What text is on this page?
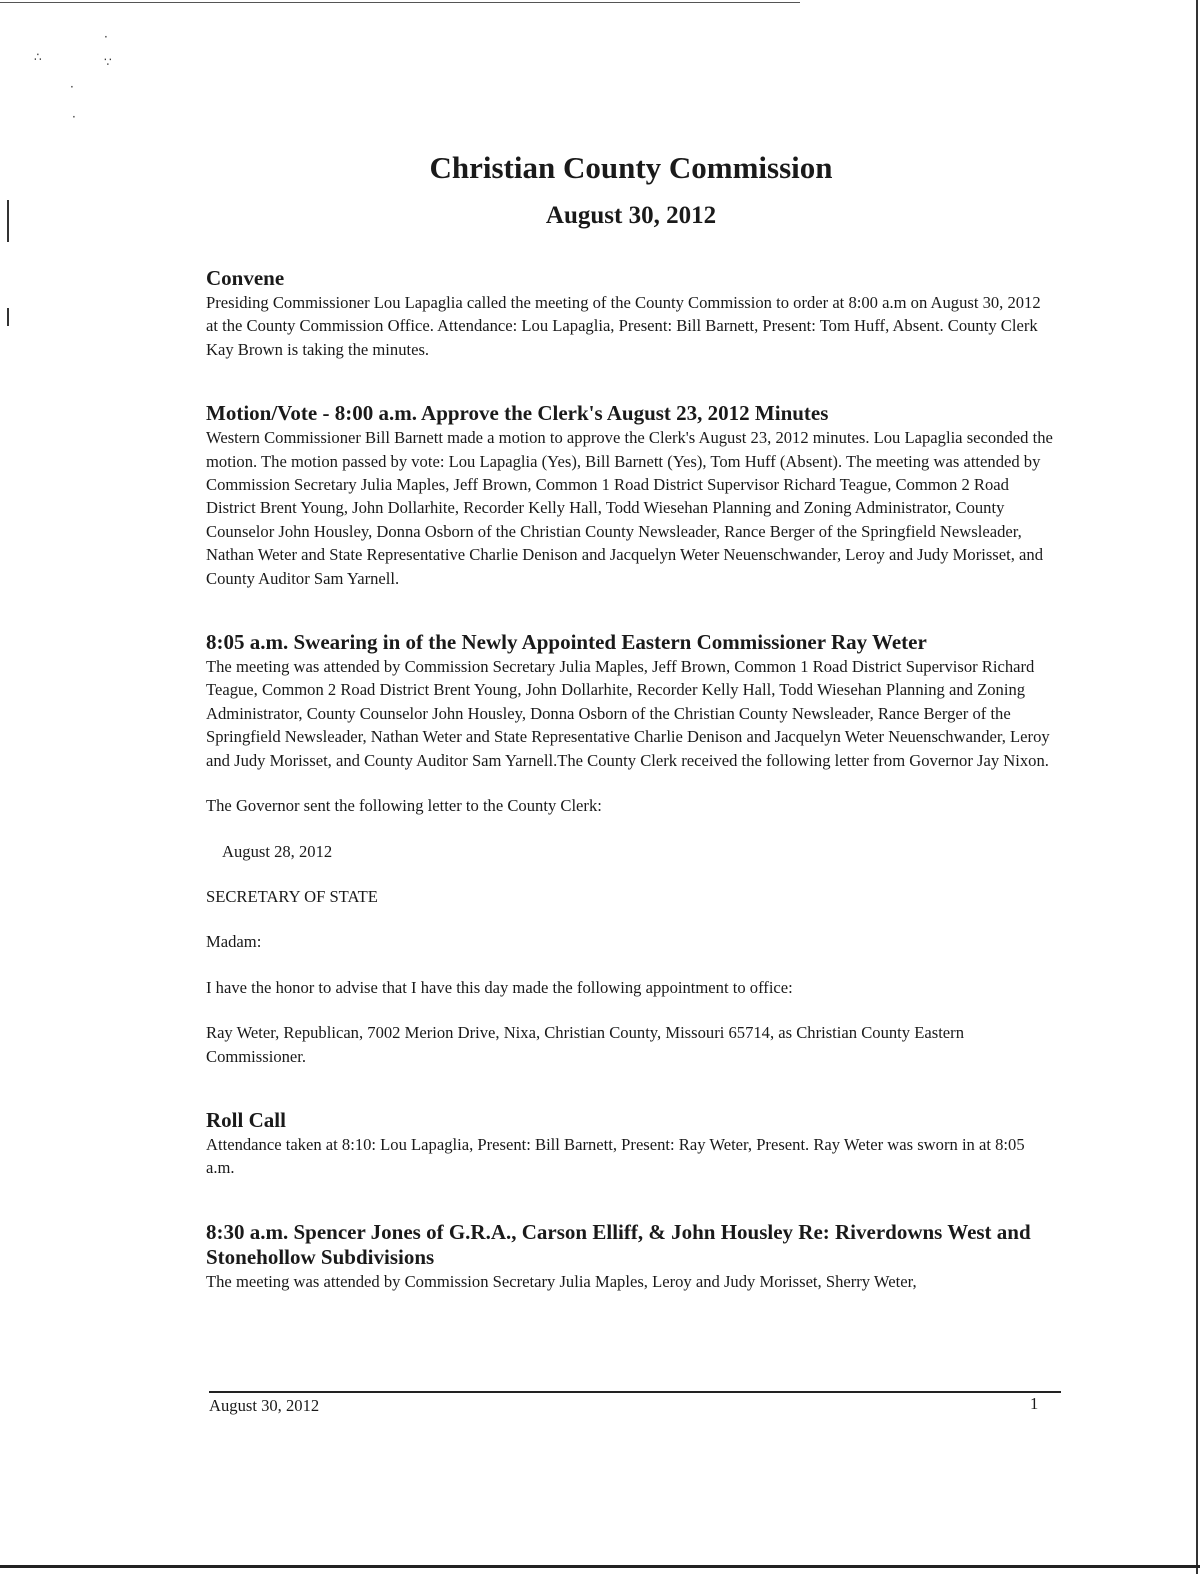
·
∴	∵
·
·
Christian County Commission
August 30, 2012
Convene

Presiding Commissioner Lou Lapaglia called the meeting of the County Commission to order at 8:00 a.m on August 30, 2012 at the County Commission Office. Attendance: Lou Lapaglia, Present: Bill Barnett, Present: Tom Huff, Absent. County Clerk Kay Brown is taking the minutes.

Motion/Vote - 8:00 a.m. Approve the Clerk's August 23, 2012 Minutes

Western Commissioner Bill Barnett made a motion to approve the Clerk's August 23, 2012 minutes. Lou Lapaglia seconded the motion. The motion passed by vote: Lou Lapaglia (Yes), Bill Barnett (Yes), Tom Huff (Absent). The meeting was attended by Commission Secretary Julia Maples, Jeff Brown, Common 1 Road District Supervisor Richard Teague, Common 2 Road District Brent Young, John Dollarhite, Recorder Kelly Hall, Todd Wiesehan Planning and Zoning Administrator, County Counselor John Housley, Donna Osborn of the Christian County Newsleader, Rance Berger of the Springfield Newsleader, Nathan Weter and State Representative Charlie Denison and Jacquelyn Weter Neuenschwander, Leroy and Judy Morisset, and County Auditor Sam Yarnell.

8:05 a.m. Swearing in of the Newly Appointed Eastern Commissioner Ray Weter

The meeting was attended by Commission Secretary Julia Maples, Jeff Brown, Common 1 Road District Supervisor Richard Teague, Common 2 Road District Brent Young, John Dollarhite, Recorder Kelly Hall, Todd Wiesehan Planning and Zoning Administrator, County Counselor John Housley, Donna Osborn of the Christian County Newsleader, Rance Berger of the Springfield Newsleader, Nathan Weter and State Representative Charlie Denison and Jacquelyn Weter Neuenschwander, Leroy and Judy Morisset, and County Auditor Sam Yarnell.The County Clerk received the following letter from Governor Jay Nixon.

The Governor sent the following letter to the County Clerk:

August 28, 2012

SECRETARY OF STATE

Madam:

I have the honor to advise that I have this day made the following appointment to office:

Ray Weter, Republican, 7002 Merion Drive, Nixa, Christian County, Missouri 65714, as Christian County Eastern Commissioner.

Roll Call

Attendance taken at 8:10: Lou Lapaglia, Present: Bill Barnett, Present: Ray Weter, Present. Ray Weter was sworn in at 8:05 a.m.

8:30 a.m. Spencer Jones of G.R.A., Carson Elliff, & John Housley Re: Riverdowns West and Stonehollow Subdivisions

The meeting was attended by Commission Secretary Julia Maples, Leroy and Judy Morisset, Sherry Weter,

August 30, 2012	1
